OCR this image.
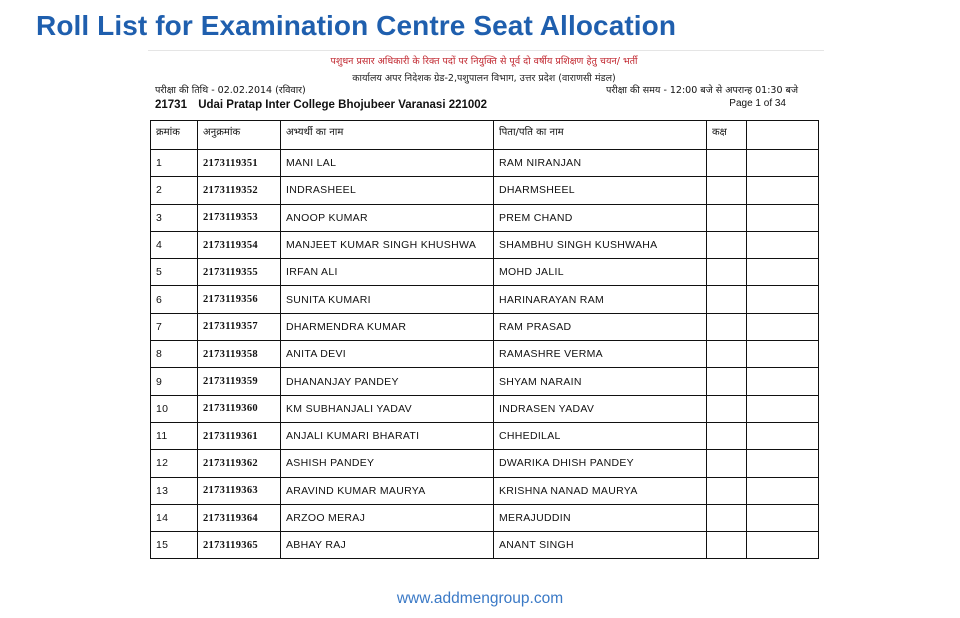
Roll List for Examination Centre Seat Allocation
पशुधन प्रसार अधिकारी के रिक्त पदों पर नियुक्ति से पूर्व दो वर्षीय प्रशिक्षण हेतु चयन/ भर्ती
कार्यालय अपर निदेशक ग्रेड-2,पशुपालन विभाग, उत्तर प्रदेश (वाराणसी मंडल)
परीक्षा की तिथि - 02.02.2014 (रविवार)	परीक्षा की समय - 12:00 बजे से अपरान्ह 01:30 बजे
21731 Udai Pratap Inter College Bhojubeer Varanasi 221002	Page 1 of 34
क्रमांक	अनुक्रमांक	अभ्यर्थी का नाम	पिता/पति का नाम	कक्ष	
1	2173119351	MANI LAL	RAM NIRANJAN		
2	2173119352	INDRASHEEL	DHARMSHEEL		
3	2173119353	ANOOP KUMAR	PREM CHAND		
4	2173119354	MANJEET KUMAR SINGH KHUSHWA	SHAMBHU SINGH KUSHWAHA		
5	2173119355	IRFAN ALI	MOHD JALIL		
6	2173119356	SUNITA KUMARI	HARINARAYAN RAM		
7	2173119357	DHARMENDRA KUMAR	RAM PRASAD		
8	2173119358	ANITA DEVI	RAMASHRE VERMA		
9	2173119359	DHANANJAY PANDEY	SHYAM NARAIN		
10	2173119360	KM SUBHANJALI YADAV	INDRASEN YADAV		
11	2173119361	ANJALI KUMARI BHARATI	CHHEDILAL		
12	2173119362	ASHISH PANDEY	DWARIKA DHISH PANDEY		
13	2173119363	ARAVIND KUMAR MAURYA	KRISHNA NANAD MAURYA		
14	2173119364	ARZOO MERAJ	MERAJUDDIN		
15	2173119365	ABHAY RAJ	ANANT SINGH		
www.addmengroup.com
